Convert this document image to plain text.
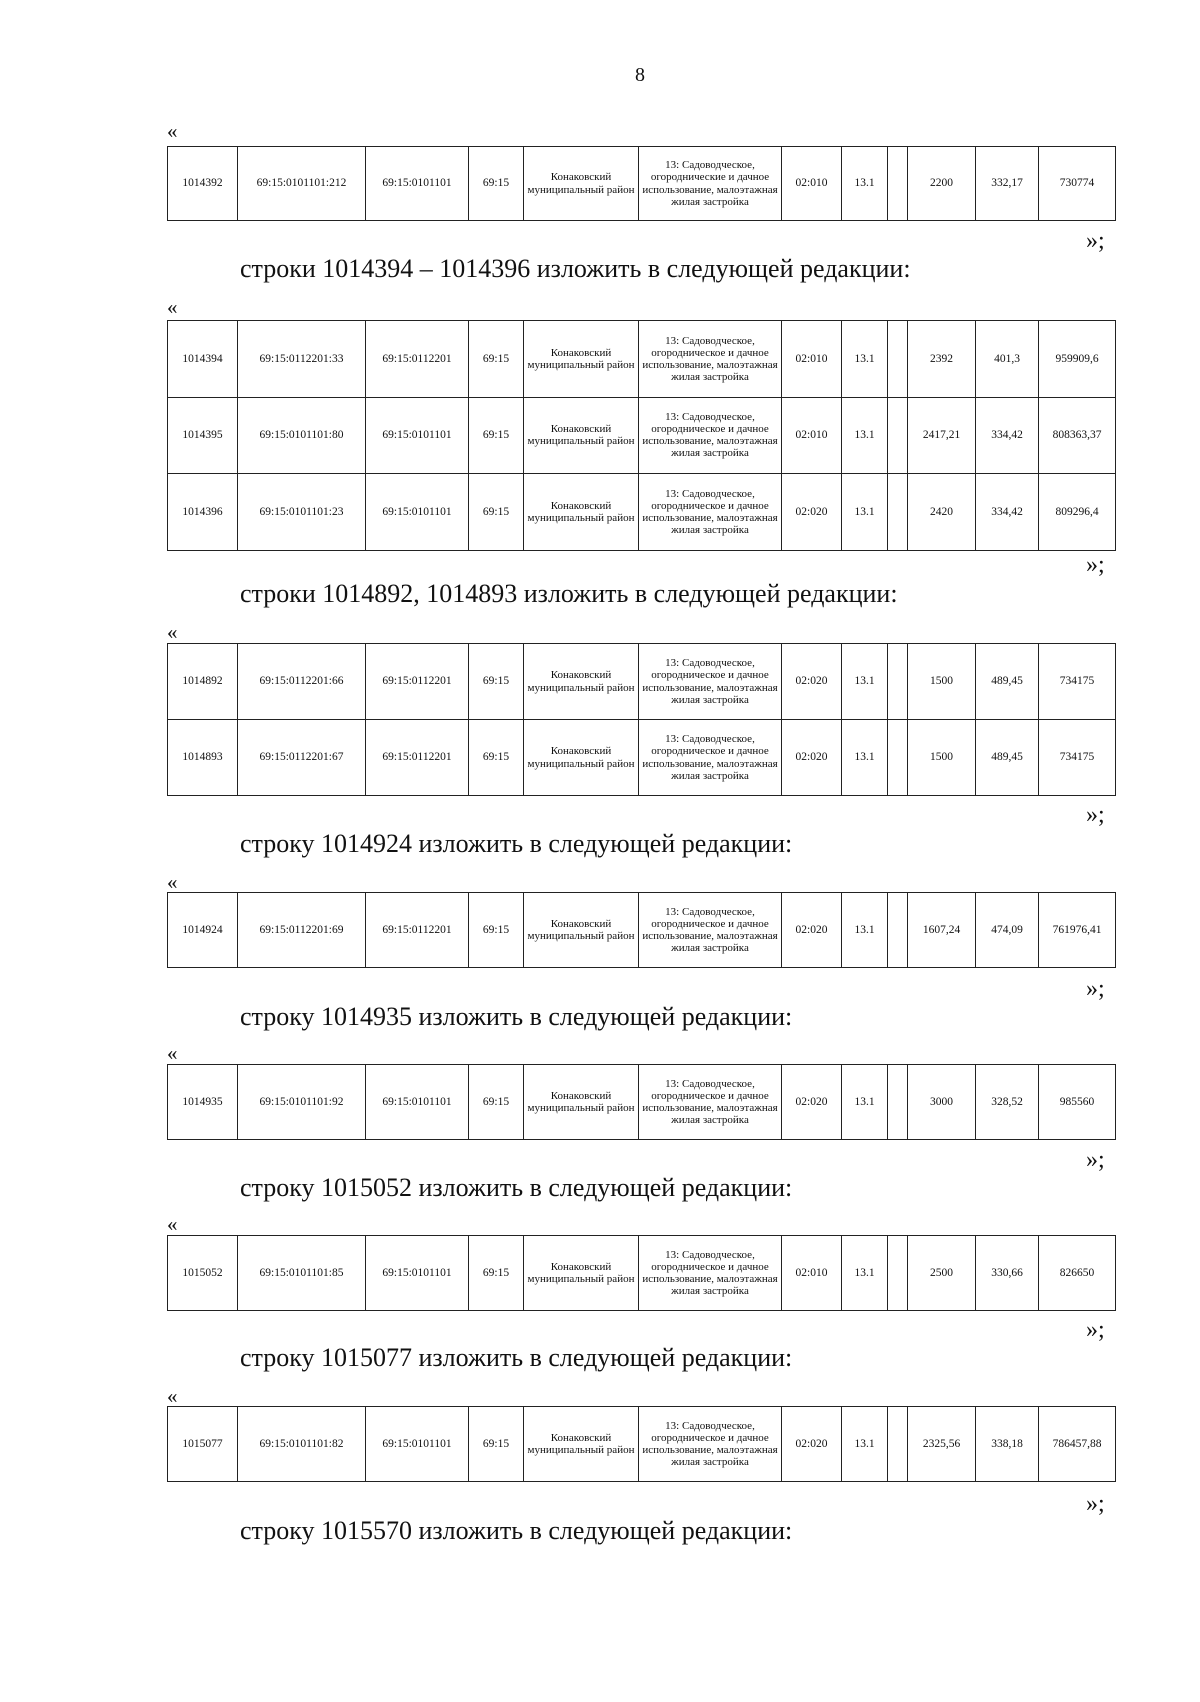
8
«
1014392	69:15:0101101:212	69:15:0101101	69:15	Конаковский муниципальный район	13: Садоводческое, огороднические и дачное использование, малоэтажная жилая застройка	02:010	13.1		2200	332,17	730774
»;
строки 1014394 – 1014396 изложить в следующей редакции:
«
1014394	69:15:0112201:33	69:15:0112201	69:15	Конаковский муниципальный район	13: Садоводческое, огородническое и дачное использование, малоэтажная жилая застройка	02:010	13.1		2392	401,3	959909,6
1014395	69:15:0101101:80	69:15:0101101	69:15	Конаковский муниципальный район	13: Садоводческое, огородническое и дачное использование, малоэтажная жилая застройка	02:010	13.1		2417,21	334,42	808363,37
1014396	69:15:0101101:23	69:15:0101101	69:15	Конаковский муниципальный район	13: Садоводческое, огородническое и дачное использование, малоэтажная жилая застройка	02:020	13.1		2420	334,42	809296,4
»;
строки 1014892, 1014893 изложить в следующей редакции:
«
1014892	69:15:0112201:66	69:15:0112201	69:15	Конаковский муниципальный район	13: Садоводческое, огородническое и дачное использование, малоэтажная жилая застройка	02:020	13.1		1500	489,45	734175
1014893	69:15:0112201:67	69:15:0112201	69:15	Конаковский муниципальный район	13: Садоводческое, огородническое и дачное использование, малоэтажная жилая застройка	02:020	13.1		1500	489,45	734175
»;
строку 1014924 изложить в следующей редакции:
«
1014924	69:15:0112201:69	69:15:0112201	69:15	Конаковский муниципальный район	13: Садоводческое, огородническое и дачное использование, малоэтажная жилая застройка	02:020	13.1		1607,24	474,09	761976,41
»;
строку 1014935 изложить в следующей редакции:
«
1014935	69:15:0101101:92	69:15:0101101	69:15	Конаковский муниципальный район	13: Садоводческое, огородническое и дачное использование, малоэтажная жилая застройка	02:020	13.1		3000	328,52	985560
»;
строку 1015052 изложить в следующей редакции:
«
1015052	69:15:0101101:85	69:15:0101101	69:15	Конаковский муниципальный район	13: Садоводческое, огородническое и дачное использование, малоэтажная жилая застройка	02:010	13.1		2500	330,66	826650
»;
строку 1015077 изложить в следующей редакции:
«
1015077	69:15:0101101:82	69:15:0101101	69:15	Конаковский муниципальный район	13: Садоводческое, огородническое и дачное использование, малоэтажная жилая застройка	02:020	13.1		2325,56	338,18	786457,88
»;
строку 1015570 изложить в следующей редакции:
